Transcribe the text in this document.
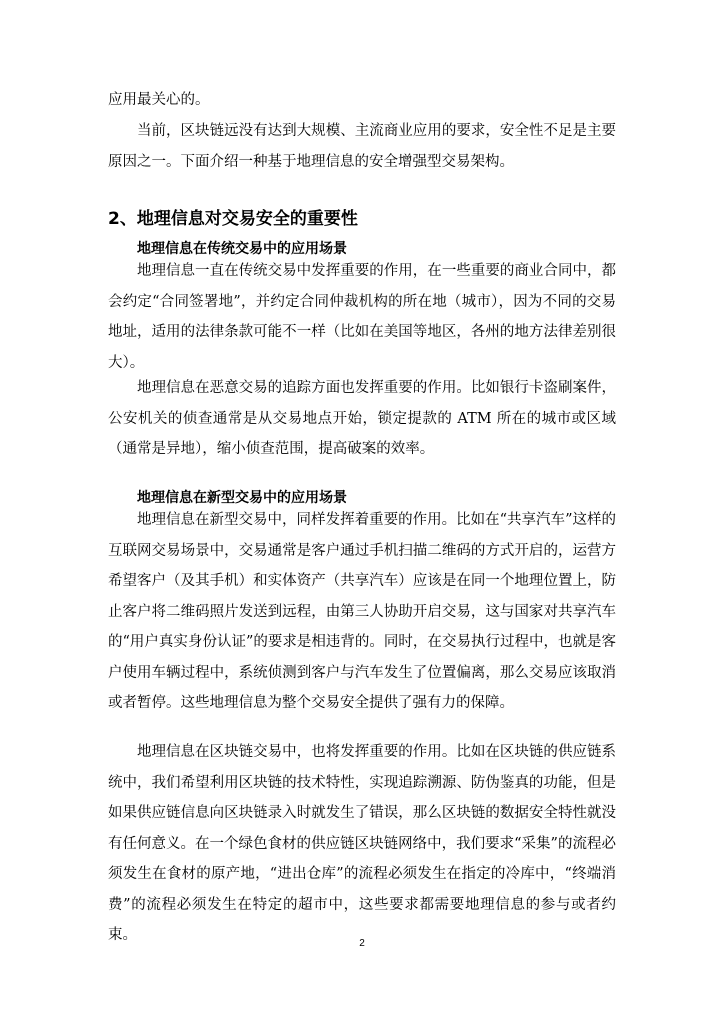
应用最关心的。

当前，区块链远没有达到大规模、主流商业应用的要求，安全性不足是主要原因之一。下面介绍一种基于地理信息的安全增强型交易架构。

2、地理信息对交易安全的重要性
地理信息在传统交易中的应用场景

地理信息一直在传统交易中发挥重要的作用，在一些重要的商业合同中，都会约定“合同签署地”，并约定合同仲裁机构的所在地（城市），因为不同的交易地址，适用的法律条款可能不一样（比如在美国等地区，各州的地方法律差别很大）。

地理信息在恶意交易的追踪方面也发挥重要的作用。比如银行卡盗刷案件，公安机关的侦查通常是从交易地点开始，锁定提款的 ATM 所在的城市或区域（通常是异地），缩小侦查范围，提高破案的效率。

地理信息在新型交易中的应用场景

地理信息在新型交易中，同样发挥着重要的作用。比如在“共享汽车”这样的互联网交易场景中，交易通常是客户通过手机扫描二维码的方式开启的，运营方希望客户（及其手机）和实体资产（共享汽车）应该是在同一个地理位置上，防止客户将二维码照片发送到远程，由第三人协助开启交易，这与国家对共享汽车的“用户真实身份认证”的要求是相违背的。同时，在交易执行过程中，也就是客户使用车辆过程中，系统侦测到客户与汽车发生了位置偏离，那么交易应该取消或者暂停。这些地理信息为整个交易安全提供了强有力的保障。

地理信息在区块链交易中，也将发挥重要的作用。比如在区块链的供应链系统中，我们希望利用区块链的技术特性，实现追踪溯源、防伪鉴真的功能，但是如果供应链信息向区块链录入时就发生了错误，那么区块链的数据安全特性就没有任何意义。在一个绿色食材的供应链区块链网络中，我们要求“采集”的流程必须发生在食材的原产地，“进出仓库”的流程必须发生在指定的冷库中，“终端消费”的流程必须发生在特定的超市中，这些要求都需要地理信息的参与或者约束。

2
